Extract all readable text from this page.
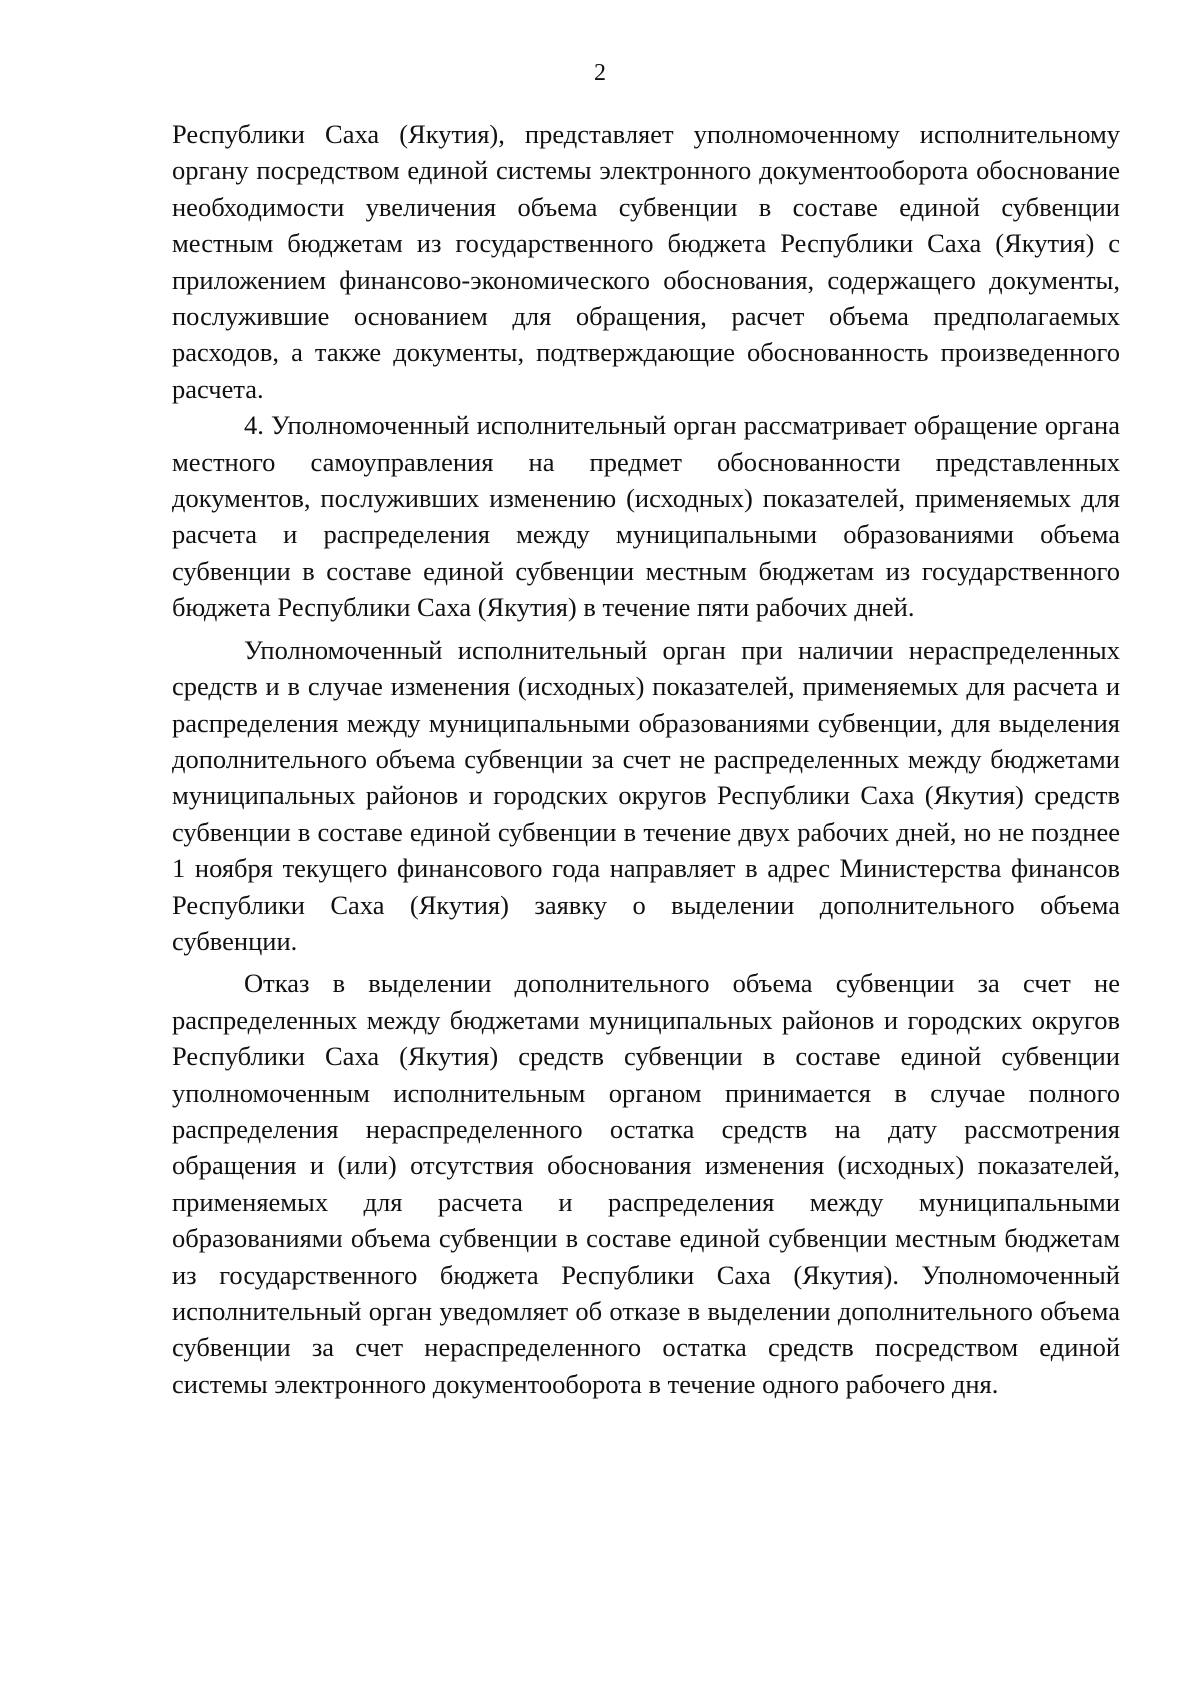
2

Республики Саха (Якутия), представляет уполномоченному исполнительному органу посредством единой системы электронного документооборота обоснование необходимости увеличения объема субвенции в составе единой субвенции местным бюджетам из государственного бюджета Республики Саха (Якутия) с приложением финансово-экономического обоснования, содержащего документы, послужившие основанием для обращения, расчет объема предполагаемых расходов, а также документы, подтверждающие обоснованность произведенного расчета.

4. Уполномоченный исполнительный орган рассматривает обращение органа местного самоуправления на предмет обоснованности представленных документов, послуживших изменению (исходных) показателей, применяемых для расчета и распределения между муниципальными образованиями объема субвенции в составе единой субвенции местным бюджетам из государственного бюджета Республики Саха (Якутия) в течение пяти рабочих дней.

Уполномоченный исполнительный орган при наличии нераспределенных средств и в случае изменения (исходных) показателей, применяемых для расчета и распределения между муниципальными образованиями субвенции, для выделения дополнительного объема субвенции за счет не распределенных между бюджетами муниципальных районов и городских округов Республики Саха (Якутия) средств субвенции в составе единой субвенции в течение двух рабочих дней, но не позднее 1 ноября текущего финансового года направляет в адрес Министерства финансов Республики Саха (Якутия) заявку о выделении дополнительного объема субвенции.

Отказ в выделении дополнительного объема субвенции за счет не распределенных между бюджетами муниципальных районов и городских округов Республики Саха (Якутия) средств субвенции в составе единой субвенции уполномоченным исполнительным органом принимается в случае полного распределения нераспределенного остатка средств на дату рассмотрения обращения и (или) отсутствия обоснования изменения (исходных) показателей, применяемых для расчета и распределения между муниципальными образованиями объема субвенции в составе единой субвенции местным бюджетам из государственного бюджета Республики Саха (Якутия). Уполномоченный исполнительный орган уведомляет об отказе в выделении дополнительного объема субвенции за счет нераспределенного остатка средств посредством единой системы электронного документооборота в течение одного рабочего дня.
